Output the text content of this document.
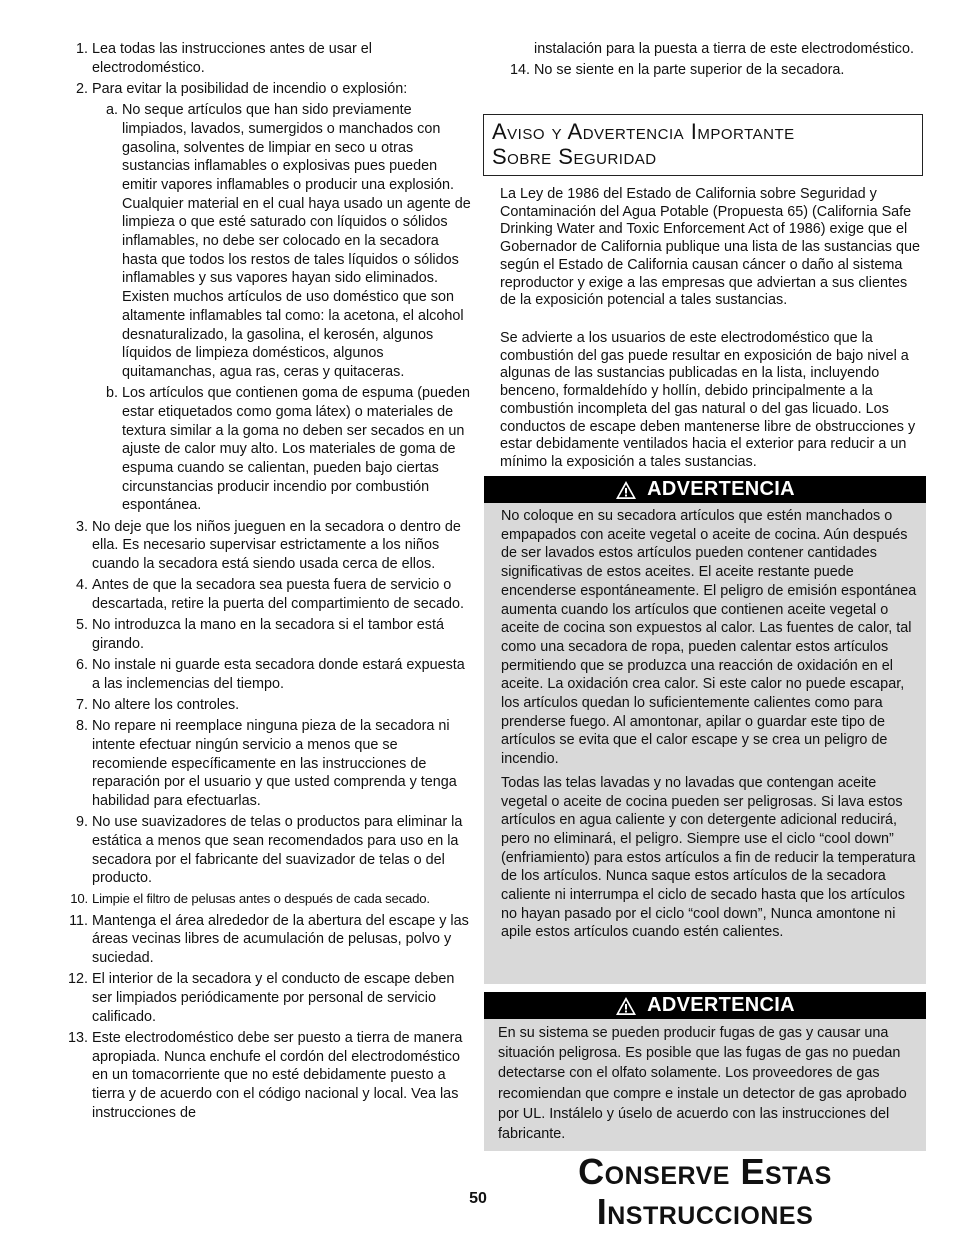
1. Lea todas las instrucciones antes de usar el electrodoméstico.
2. Para evitar la posibilidad de incendio o explosión:
a. No seque artículos que han sido previamente limpiados, lavados, sumergidos o manchados con gasolina, solventes de limpiar en seco u otras sustancias inflamables o explosivas pues pueden emitir vapores inflamables o producir una explosión. Cualquier material en el cual haya usado un agente de limpieza o que esté saturado con líquidos o sólidos inflamables, no debe ser colocado en la secadora hasta que todos los restos de tales líquidos o sólidos inflamables y sus vapores hayan sido eliminados. Existen muchos artículos de uso doméstico que son altamente inflamables tal como: la acetona, el alcohol desnaturalizado, la gasolina, el kerosén, algunos líquidos de limpieza domésticos, algunos quitamanchas, agua ras, ceras y quitaceras.
b. Los artículos que contienen goma de espuma (pueden estar etiquetados como goma látex) o materiales de textura similar a la goma no deben ser secados en un ajuste de calor muy alto. Los materiales de goma de espuma cuando se calientan, pueden bajo ciertas circunstancias producir incendio por combustión espontánea.
3. No deje que los niños jueguen en la secadora o dentro de ella. Es necesario supervisar estrictamente a los niños cuando la secadora está siendo usada cerca de ellos.
4. Antes de que la secadora sea puesta fuera de servicio o descartada, retire la puerta del compartimiento de secado.
5. No introduzca la mano en la secadora si el tambor está girando.
6. No instale ni guarde esta secadora donde estará expuesta a las inclemencias del tiempo.
7. No altere los controles.
8. No repare ni reemplace ninguna pieza de la secadora ni intente efectuar ningún servicio a menos que se recomiende específicamente en las instrucciones de reparación por el usuario y que usted comprenda y tenga habilidad para efectuarlas.
9. No use suavizadores de telas o productos para eliminar la estática a menos que sean recomendados para uso en la secadora por el fabricante del suavizador de telas o del producto.
10. Limpie el filtro de pelusas antes o después de cada secado.
11. Mantenga el área alrededor de la abertura del escape y las áreas vecinas libres de acumulación de pelusas, polvo y suciedad.
12. El interior de la secadora y el conducto de escape deben ser limpiados periódicamente por personal de servicio calificado.
13. Este electrodoméstico debe ser puesto a tierra de manera apropiada. Nunca enchufe el cordón del electrodoméstico en un tomacorriente que no esté debidamente puesto a tierra y de acuerdo con el código nacional y local. Vea las instrucciones de
instalación para la puesta a tierra de este electrodoméstico.
14. No se siente en la parte superior de la secadora.
Aviso y Advertencia Importante
Sobre Seguridad

La Ley de 1986 del Estado de California sobre Seguridad y Contaminación del Agua Potable (Propuesta 65) (California Safe Drinking Water and Toxic Enforcement Act of 1986) exige que el Gobernador de California publique una lista de las sustancias que según el Estado de California causan cáncer o daño al sistema reproductor y exige a las empresas que adviertan a sus clientes de la exposición potencial a tales sustancias.

Se advierte a los usuarios de este electrodoméstico que la combustión del gas puede resultar en exposición de bajo nivel a algunas de las sustancias publicadas en la lista, incluyendo benceno, formaldehído y hollín, debido principalmente a la combustión incompleta del gas natural o del gas licuado. Los conductos de escape deben mantenerse libre de obstrucciones y estar debidamente ventilados hacia el exterior para reducir a un mínimo la exposición a tales sustancias.

ADVERTENCIA

No coloque en su secadora artículos que estén manchados o empapados con aceite vegetal o aceite de cocina. Aún después de ser lavados estos artículos pueden contener cantidades significativas de estos aceites. El aceite restante puede encenderse espontáneamente. El peligro de emisión espontánea aumenta cuando los artículos que contienen aceite vegetal o aceite de cocina son expuestos al calor. Las fuentes de calor, tal como una secadora de ropa, pueden calentar estos artículos permitiendo que se produzca una reacción de oxidación en el aceite. La oxidación crea calor. Si este calor no puede escapar, los artículos quedan lo suficientemente calientes como para prenderse fuego. Al amontonar, apilar o guardar este tipo de artículos se evita que el calor escape y se crea un peligro de incendio.

Todas las telas lavadas y no lavadas que contengan aceite vegetal o aceite de cocina pueden ser peligrosas. Si lava estos artículos en agua caliente y con detergente adicional reducirá, pero no eliminará, el peligro. Siempre use el ciclo “cool down” (enfriamiento) para estos artículos a fin de reducir la temperatura de los artículos. Nunca saque estos artículos de la secadora caliente ni interrumpa el ciclo de secado hasta que los artículos no hayan pasado por el ciclo “cool down”, Nunca amontone ni apile estos artículos cuando estén calientes.

ADVERTENCIA

En su sistema se pueden producir fugas de gas y causar una situación peligrosa. Es posible que las fugas de gas no puedan detectarse con el olfato solamente. Los proveedores de gas recomiendan que compre e instale un detector de gas aprobado por UL. Instálelo y úselo de acuerdo con las instrucciones del fabricante.

Conserve Estas Instrucciones
50
